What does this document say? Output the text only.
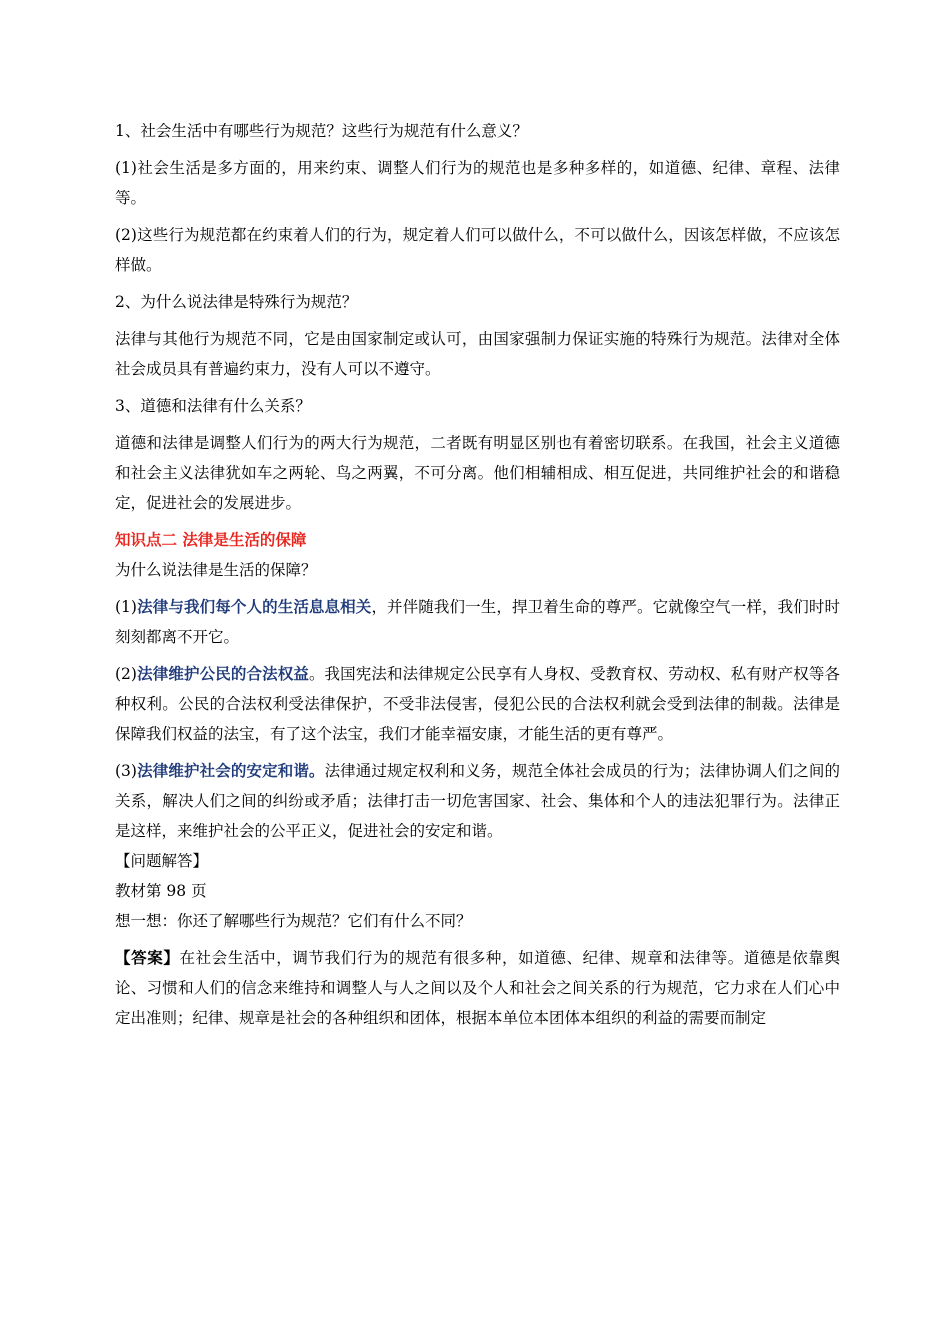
1、社会生活中有哪些行为规范？这些行为规范有什么意义？
(1)社会生活是多方面的，用来约束、调整人们行为的规范也是多种多样的，如道德、纪律、章程、法律等。
(2)这些行为规范都在约束着人们的行为，规定着人们可以做什么，不可以做什么，因该怎样做，不应该怎样做。
2、为什么说法律是特殊行为规范？
法律与其他行为规范不同，它是由国家制定或认可，由国家强制力保证实施的特殊行为规范。法律对全体社会成员具有普遍约束力，没有人可以不遵守。
3、道德和法律有什么关系？
道德和法律是调整人们行为的两大行为规范，二者既有明显区别也有着密切联系。在我国，社会主义道德和社会主义法律犹如车之两轮、鸟之两翼，不可分离。他们相辅相成、相互促进，共同维护社会的和谐稳定，促进社会的发展进步。
知识点二 法律是生活的保障
为什么说法律是生活的保障？
(1)法律与我们每个人的生活息息相关，并伴随我们一生，捍卫着生命的尊严。它就像空气一样，我们时时刻刻都离不开它。
(2)法律维护公民的合法权益。我国宪法和法律规定公民享有人身权、受教育权、劳动权、私有财产权等各种权利。公民的合法权利受法律保护，不受非法侵害，侵犯公民的合法权利就会受到法律的制裁。法律是保障我们权益的法宝，有了这个法宝，我们才能幸福安康，才能生活的更有尊严。
(3)法律维护社会的安定和谐。法律通过规定权利和义务，规范全体社会成员的行为；法律协调人们之间的关系，解决人们之间的纠纷或矛盾；法律打击一切危害国家、社会、集体和个人的违法犯罪行为。法律正是这样，来维护社会的公平正义，促进社会的安定和谐。
【问题解答】
教材第 98 页
想一想：你还了解哪些行为规范？它们有什么不同？
【答案】在社会生活中，调节我们行为的规范有很多种，如道德、纪律、规章和法律等。道德是依靠舆论、习惯和人们的信念来维持和调整人与人之间以及个人和社会之间关系的行为规范，它力求在人们心中定出准则；纪律、规章是社会的各种组织和团体，根据本单位本团体本组织的利益的需要而制定
